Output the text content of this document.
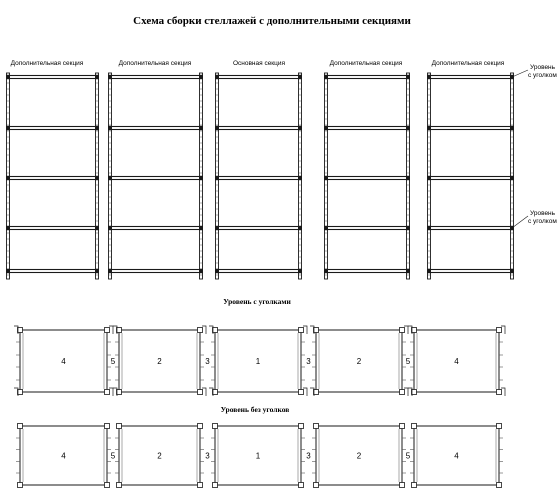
Схема сборки стеллажей с дополнительными секциями
Дополнительная секция	Дополнительная секция	Основная секция	Дополнительная секция	Дополнительная секция
Уровень
с уголком
Уровень
с уголком
Уровень с уголками
Уровень без уголков
4	2	1	2	4
5	3	3	5
4	2	1	2	4
5	3	3	5
